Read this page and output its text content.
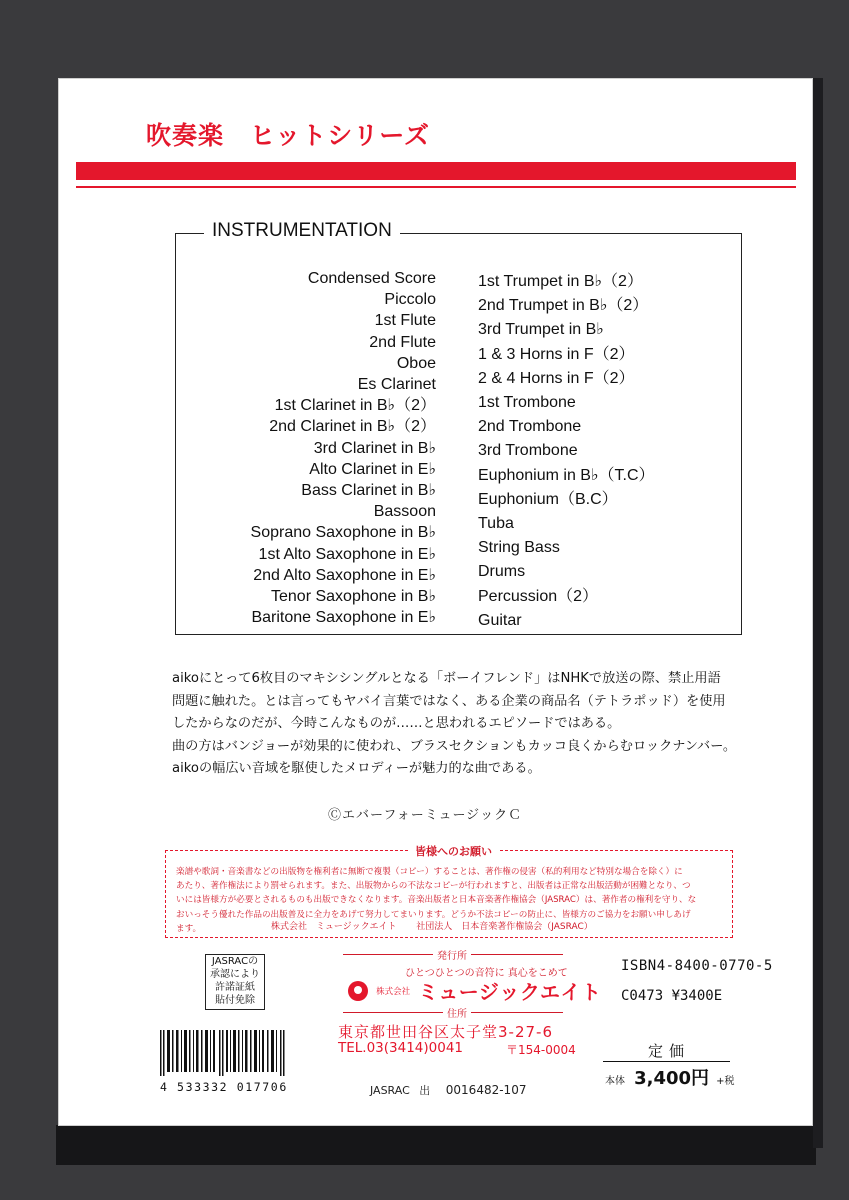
吹奏楽　ヒットシリーズ
INSTRUMENTATION
Condensed Score
Piccolo
1st Flute
2nd Flute
Oboe
Es Clarinet
1st Clarinet in B♭（2）
2nd Clarinet in B♭（2）
3rd Clarinet in B♭
Alto Clarinet in E♭
Bass Clarinet in B♭
Bassoon
Soprano Saxophone in B♭
1st Alto Saxophone in E♭
2nd Alto Saxophone in E♭
Tenor Saxophone in B♭
Baritone Saxophone in E♭
1st Trumpet in B♭（2）
2nd Trumpet in B♭（2）
3rd Trumpet in B♭
1 & 3 Horns in F（2）
2 & 4 Horns in F（2）
1st Trombone
2nd Trombone
3rd Trombone
Euphonium in B♭（T.C）
Euphonium（B.C）
Tuba
String Bass
Drums
Percussion（2）
Guitar

aikoにとって6枚目のマキシシングルとなる「ボーイフレンド」はNHKで放送の際、禁止用語

問題に触れた。とは言ってもヤバイ言葉ではなく、ある企業の商品名（テトラポッド）を使用

したからなのだが、今時こんなものが……と思われるエピソードではある。

曲の方はバンジョーが効果的に使われ、ブラスセクションもカッコ良くからむロックナンバー。

aikoの幅広い音域を駆使したメロディーが魅力的な曲である。

ⒸエバーフォーミュージックＣ
皆様へのお願い

楽譜や歌詞・音楽書などの出版物を権利者に無断で複製（コピー）することは、著作権の侵害（私的利用など特別な場合を除く）に

あたり、著作権法により罰せられます。また、出版物からの不法なコピーが行われますと、出版者は正常な出版活動が困難となり、つ

いには皆様方が必要とされるものも出版できなくなります。音楽出版者と日本音楽著作権協会（JASRAC）は、著作者の権利を守り、な

おいっそう優れた作品の出版普及に全力をあげて努力してまいります。どうか不法コピーの防止に、皆様方のご協力をお願い申しあげ

ます。	株式会社　ミュージックエイト 社団法人　日本音楽著作権協会（JASRAC）
JASRACの
承認により
許諾証紙
貼付免除
4 533332 017706
発行所
ひとつひとつの音符に 真心をこめて
株式会社 ミュージックエイト
住所
東京都世田谷区太子堂3-27-6
TEL.03(3414)0041	〒154-0004
JASRAC 出 0016482-107
ISBN4-8400-0770-5
C0473 ¥3400E
定価
本体 3,400円 +税
